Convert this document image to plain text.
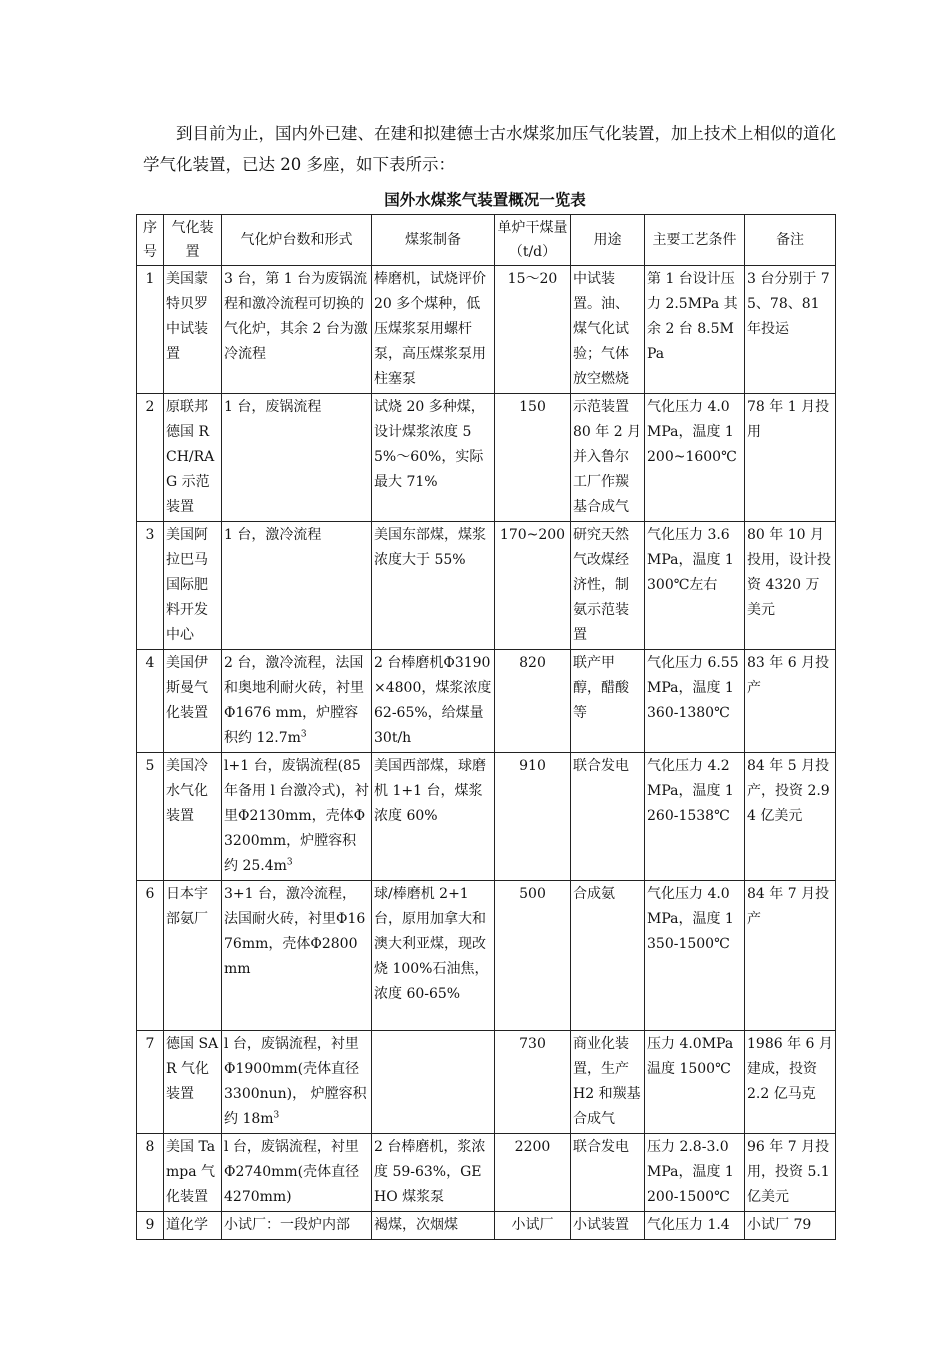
到目前为止，国内外已建、在建和拟建德士古水煤浆加压气化装置，加上技术上相似的道化学气化装置，已达 20 多座，如下表所示：

国外水煤浆气装置概况一览表
序号	气化装置	气化炉台数和形式	煤浆制备	单炉干煤量（t/d）	用途	主要工艺条件	备注
1	美国蒙特贝罗中试装置	3 台，第 1 台为废锅流程和激冷流程可切换的气化炉，其余 2 台为激冷流程	棒磨机，试烧评价 20 多个煤种，低压煤浆泵用螺杆泵，高压煤浆泵用柱塞泵	15～20	中试装置。油、煤气化试验；气体放空燃烧	第 1 台设计压力 2.5MPa 其余 2 台 8.5MPa	3 台分别于 75、78、81 年投运
2	原联邦德国 RCH/RAG 示范装置	1 台，废锅流程	试烧 20 多种煤，设计煤浆浓度 55%～60%，实际最大 71%	150	示范装置 80 年 2 月并入鲁尔工厂作羰基合成气	气化压力 4.0MPa，温度 1200~1600℃	78 年 1 月投用
3	美国阿拉巴马国际肥料开发中心	1 台，激冷流程	美国东部煤，煤浆浓度大于 55%	170~200	研究天然气改煤经济性，制氨示范装置	气化压力 3.6MPa，温度 1300℃左右	80 年 10 月投用，设计投资 4320 万美元
4	美国伊斯曼气化装置	2 台，激冷流程，法国和奥地利耐火砖，衬里Φ1676 mm，炉膛容积约 $12.7m^3$	2 台棒磨机Φ3190×4800，煤浆浓度 62-65%，给煤量 30t/h	820	联产甲醇，醋酸等	气化压力 6.55 MPa，温度 1360-1380℃	83 年 6 月投产
5	美国冷水气化装置	l+1 台，废锅流程(85 年备用 l 台激冷式)，衬里Φ2130mm，壳体Φ3200mm，炉膛容积约 $25.4m^3$	美国西部煤，球磨机 1+1 台，煤浆浓度 60%	910	联合发电	气化压力 4.2MPa，温度 1260-1538℃	84 年 5 月投产，投资 2.94 亿美元
6	日本宇部氨厂	3+1 台，激冷流程，法国耐火砖，衬里Φ1676mm，壳体Φ2800mm	球/棒磨机 2+1 台，原用加拿大和澳大利亚煤，现改烧 100%石油焦，浓度 60-65%	500	合成氨	气化压力 4.0MPa，温度 1350-1500℃	84 年 7 月投产
7	德国 SAR 气化装置	l 台，废锅流程，衬里Φ1900mm(壳体直径 3300nun)， 炉膛容积约 $18m^3$		730	商业化装置，生产 H2 和羰基合成气	压力 4.0MPa 温度 1500℃	1986 年 6 月建成，投资 2.2 亿马克
8	美国 Tampa 气化装置	l 台，废锅流程，衬里Φ2740mm(壳体直径 4270mm)	2 台棒磨机，浆浓度 59-63%，GEHO 煤浆泵	2200	联合发电	压力 2.8-3.0 MPa，温度 1200-1500℃	96 年 7 月投用，投资 5.1 亿美元
9	道化学	小试厂：一段炉内部	褐煤，次烟煤	小试厂	小试装置	气化压力 1.4	小试厂 79
